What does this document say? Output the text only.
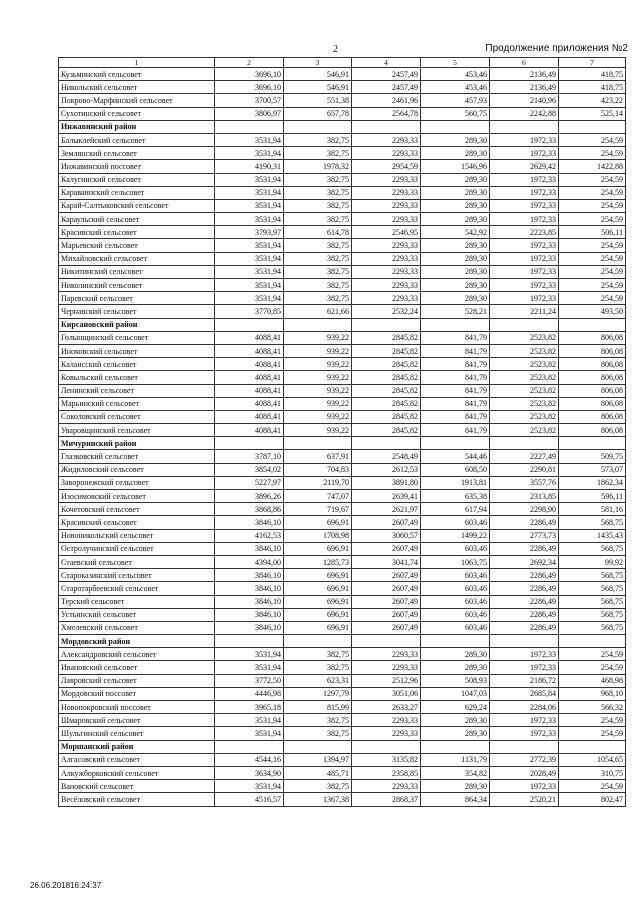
2	Продолжение приложения №2
1	2	3	4	5	6	7
Кузьминский сельсовет	3696,10	546,91	2457,49	453,46	2136,49	418,75
Никольский сельсовет	3696,10	546,91	2457,49	453,46	2136,49	418,75
Покрово-Марфинский сельсовет	3700,57	551,38	2461,96	457,93	2140,96	423,22
Сухотинский сельсовет	3806,97	657,78	2564,78	560,75	2242,88	525,14
Инжавинский район						
Балыклейский сельсовет	3531,94	382,75	2293,33	289,30	1972,33	254,59
Землянский сельсовет	3531,94	382,75	2293,33	289,30	1972,33	254,59
Инжавинский поссовет	4190,31	1978,32	2954,59	1546,96	2629,42	1422,88
Калугинский сельсовет	3531,94	382,75	2293,33	289,30	1972,33	254,59
Караваинский сельсовет	3531,94	382,75	2293,33	289,30	1972,33	254,59
Карай-Салтыковский сельсовет	3531,94	382,75	2293,33	289,30	1972,33	254,59
Караульский сельсовет	3531,94	382,75	2293,33	289,30	1972,33	254,59
Красивский сельсовет	3793,97	614,78	2546,95	542,92	2223,85	506,11
Марьевский сельсовет	3531,94	382,75	2293,33	289,30	1972,33	254,59
Михайловский сельсовет	3531,94	382,75	2293,33	289,30	1972,33	254,59
Никитинский сельсовет	3531,94	382,75	2293,33	289,30	1972,33	254,59
Николинский сельсовет	3531,94	382,75	2293,33	289,30	1972,33	254,59
Паревский сельсовет	3531,94	382,75	2293,33	289,30	1972,33	254,59
Чернавский сельсовет	3770,85	621,66	2532,24	528,21	2211,24	493,50
Кирсановский район						
Голынщинский сельсовет	4088,41	939,22	2845,82	841,79	2523,82	806,08
Иноковский сельсовет	4088,41	939,22	2845,82	841,79	2523,82	806,08
Калаисский сельсовет	4088,41	939,22	2845,82	841,79	2523,82	806,08
Ковыльский сельсовет	4088,41	939,22	2845,82	841,79	2523,82	806,08
Ленинский сельсовет	4088,41	939,22	2845,82	841,79	2523,82	806,08
Марьинский сельсовет	4088,41	939,22	2845,82	841,79	2523,82	806,08
Соколовский сельсовет	4088,41	939,22	2845,82	841,79	2523,82	806,08
Уваровщинский сельсовет	4088,41	939,22	2845,82	841,79	2523,82	806,08
Мичуринский район						
Глазковский сельсовет	3787,10	637,91	2548,49	544,46	2227,49	509,75
Жидиловский сельсовет	3854,02	704,83	2612,53	608,50	2290,81	573,07
Заворонежский сельсовет	5227,97	2119,70	3891,80	1913,81	3557,76	1862,34
Изосимовский сельсовет	3896,26	747,07	2639,41	635,38	2313,85	596,11
Кочетовский сельсовет	3868,86	719,67	2621,97	617,94	2298,90	581,16
Красивский сельсовет	3846,10	696,91	2607,49	603,46	2286,49	568,75
Новоникольский сельсовет	4162,53	1708,98	3060,57	1499,22	2773,73	1435,43
Остролучинский сельсовет	3846,10	696,91	2607,49	603,46	2286,49	568,75
Стаевский сельсовет	4394,00	1285,73	3041,74	1063,75	2692,34	99,92
Староказинский сельсовет	3846,10	696,91	2607,49	603,46	2286,49	568,75
Старотарбеевский сельсовет	3846,10	696,91	2607,49	603,46	2286,49	568,75
Терский сельсовет	3846,10	696,91	2607,49	603,46	2286,49	568,75
Устьинский сельсовет	3846,10	696,91	2607,49	603,46	2286,49	568,75
Хмелевский сельсовет	3846,10	696,91	2607,49	603,46	2286,49	568,75
Мордовский район						
Александровский сельсовет	3531,94	382,75	2293,33	289,30	1972,33	254,59
Ивановский сельсовет	3531,94	382,75	2293,33	289,30	1972,33	254,59
Лавровский сельсовет	3772,50	623,31	2512,96	508,93	2186,72	468,98
Мордовский поссовет	4446,98	1297,79	3051,06	1047,03	2685,84	968,10
Новопокровский поссовет	3965,18	815,99	2633,27	629,24	2284,06	566,32
Шмаровский сельсовет	3531,94	382,75	2293,33	289,30	1972,33	254,59
Шульгинский сельсовет	3531,94	382,75	2293,33	289,30	1972,33	254,59
Моршанский район						
Алгасовский сельсовет	4544,16	1394,97	3135,82	1131,79	2772,39	1054,65
Алкужборковский сельсовет	3634,90	485,71	2358,85	354,82	2028,49	310,75
Вановский сельсовет	3531,94	382,75	2293,33	289,30	1972,33	254,59
Весёловский сельсовет	4516,57	1367,38	2868,37	864,34	2520,21	802,47
26.06.201816:24:37
